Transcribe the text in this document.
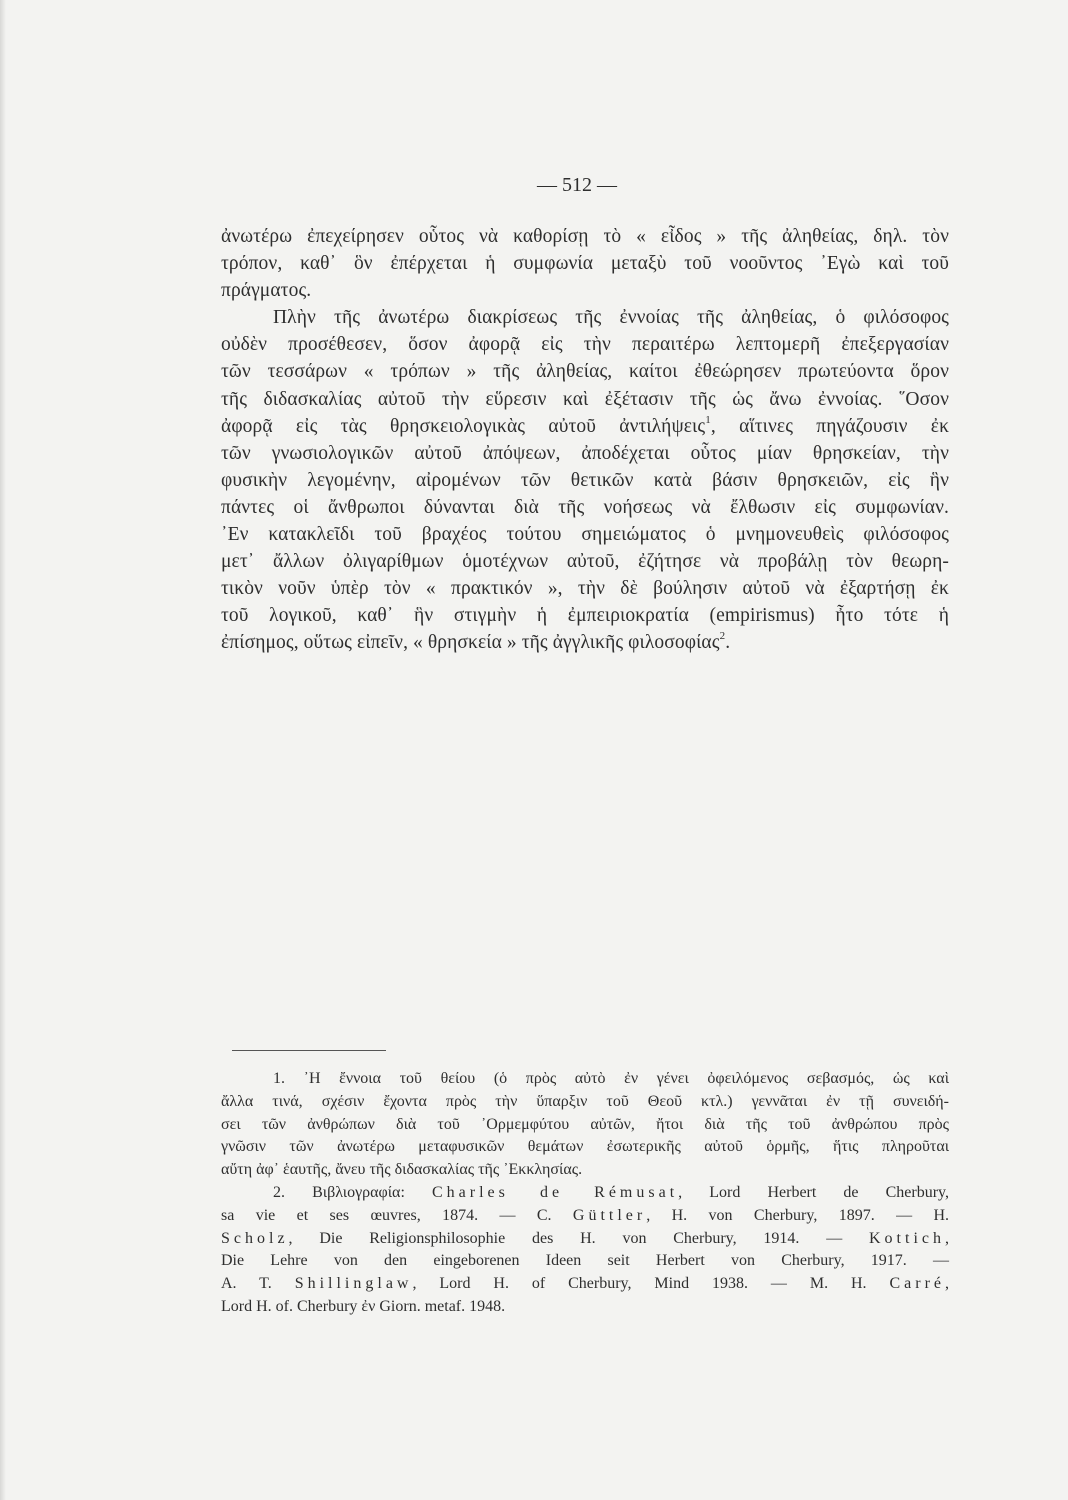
— 512 —
ἀνωτέρω ἐπεχείρησεν οὗτος νὰ καθορίσῃ τὸ « εἶδος » τῆς ἀληθείας, δηλ. τὸν
τρόπον, καθ᾽ ὃν ἐπέρχεται ἡ συμφωνία μεταξὺ τοῦ νοοῦντος ᾽Εγὼ καὶ τοῦ
πράγματος.
Πλὴν τῆς ἀνωτέρω διακρίσεως τῆς ἐννοίας τῆς ἀληθείας, ὁ φιλόσοφος
οὐδὲν προσέθεσεν, ὅσον ἀφορᾷ εἰς τὴν περαιτέρω λεπτομερῆ ἐπεξεργασίαν
τῶν τεσσάρων « τρόπων » τῆς ἀληθείας, καίτοι ἐθεώρησεν πρωτεύοντα ὅρον
τῆς διδασκαλίας αὐτοῦ τὴν εὕρεσιν καὶ ἐξέτασιν τῆς ὡς ἄνω ἐννοίας. ῞Οσον
ἀφορᾷ εἰς τὰς θρησκειολογικὰς αὐτοῦ ἀντιλήψεις$^1$, αἵτινες πηγάζουσιν ἐκ
τῶν γνωσιολογικῶν αὐτοῦ ἀπόψεων, ἀποδέχεται οὗτος μίαν θρησκείαν, τὴν
φυσικὴν λεγομένην, αἰρομένων τῶν θετικῶν κατὰ βάσιν θρησκειῶν, εἰς ἣν
πάντες οἱ ἄνθρωποι δύνανται διὰ τῆς νοήσεως νὰ ἔλθωσιν εἰς συμφωνίαν.
᾽Εν κατακλεῖδι τοῦ βραχέος τούτου σημειώματος ὁ μνημονευθεὶς φιλόσοφος
μετ᾽ ἄλλων ὀλιγαρίθμων ὁμοτέχνων αὐτοῦ, ἐζήτησε νὰ προβάλῃ τὸν θεωρη-
τικὸν νοῦν ὑπὲρ τὸν « πρακτικόν », τὴν δὲ βούλησιν αὐτοῦ νὰ ἐξαρτήσῃ ἐκ
τοῦ λογικοῦ, καθ᾽ ἣν στιγμὴν ἡ ἐμπειριοκρατία (empirismus) ἦτο τότε ἡ
ἐπίσημος, οὕτως εἰπεῖν, « θρησκεία » τῆς ἀγγλικῆς φιλοσοφίας$^2$.
1. ᾽Η ἔννοια τοῦ θείου (ὁ πρὸς αὐτὸ ἐν γένει ὀφειλόμενος σεβασμός, ὡς καὶ
ἄλλα τινά, σχέσιν ἔχοντα πρὸς τὴν ὕπαρξιν τοῦ Θεοῦ κτλ.) γεννᾶται ἐν τῇ συνειδή-
σει τῶν ἀνθρώπων διὰ τοῦ ᾽Ορμεμφύτου αὐτῶν, ἤτοι διὰ τῆς τοῦ ἀνθρώπου πρὸς
γνῶσιν τῶν ἀνωτέρω μεταφυσικῶν θεμάτων ἐσωτερικῆς αὐτοῦ ὁρμῆς, ἥτις πληροῦται
αὔτη ἀφ᾽ ἑαυτῆς, ἄνευ τῆς διδασκαλίας τῆς ᾽Εκκλησίας.
2. Βιβλιογραφία: Charles de Rémusat, Lord Herbert de Cherbury,
sa vie et ses œuvres, 1874. — C. Güttler, H. von Cherbury, 1897. — H.
Scholz, Die Religionsphilosophie des H. von Cherbury, 1914. — Kottich,
Die Lehre von den eingeborenen Ideen seit Herbert von Cherbury, 1917. —
A. T. Shillinglaw, Lord H. of Cherbury, Mind 1938. — M. H. Carré,
Lord H. of. Cherbury ἐν Giorn. metaf. 1948.
